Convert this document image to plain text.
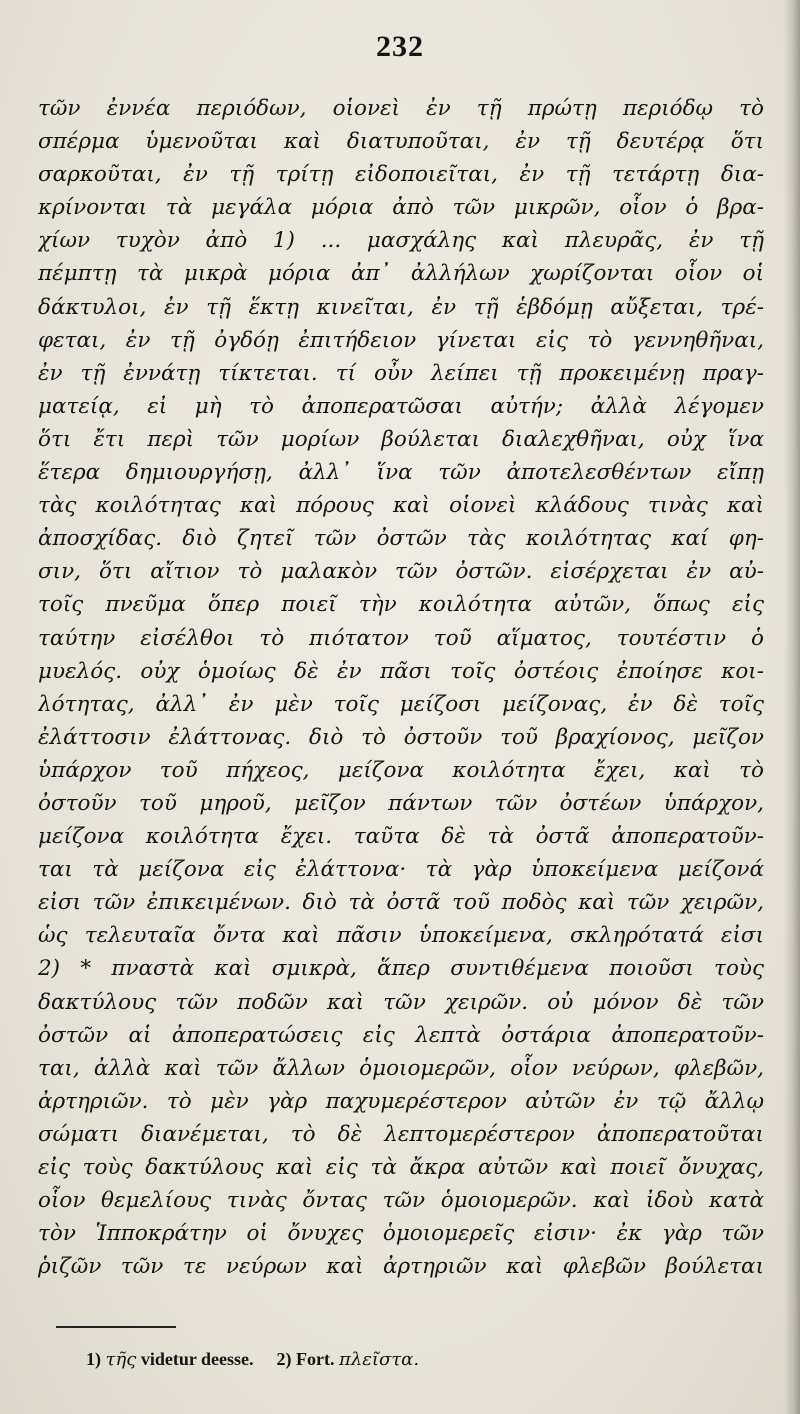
232
τῶν ἐννέα περιόδων, οἱονεὶ ἐν τῇ πρώτῃ περιόδῳ τὸ
σπέρμα ὑμενοῦται καὶ διατυποῦται, ἐν τῇ δευτέρᾳ ὅτι
σαρκοῦται, ἐν τῇ τρίτῃ εἰδοποιεῖται, ἐν τῇ τετάρτῃ δια-
κρίνονται τὰ μεγάλα μόρια ἀπὸ τῶν μικρῶν, οἷον ὁ βρα-
χίων τυχὸν ἀπὸ 1) ... μασχάλης καὶ πλευρᾶς, ἐν τῇ
πέμπτῃ τὰ μικρὰ μόρια ἀπ᾽ ἀλλήλων χωρίζονται οἷον οἱ
δάκτυλοι, ἐν τῇ ἕκτῃ κινεῖται, ἐν τῇ ἑβδόμῃ αὔξεται, τρέ-
φεται, ἐν τῇ ὀγδόῃ ἐπιτήδειον γίνεται εἰς τὸ γεννηθῆναι,
ἐν τῇ ἐννάτῃ τίκτεται. τί οὖν λείπει τῇ προκειμένῃ πραγ-
ματείᾳ, εἰ μὴ τὸ ἀποπερατῶσαι αὐτήν; ἀλλὰ λέγομεν
ὅτι ἔτι περὶ τῶν μορίων βούλεται διαλεχθῆναι, οὐχ ἵνα
ἕτερα δημιουργήσῃ, ἀλλ᾽ ἵνα τῶν ἀποτελεσθέντων εἴπῃ
τὰς κοιλότητας καὶ πόρους καὶ οἱονεὶ κλάδους τινὰς καὶ
ἀποσχίδας. διὸ ζητεῖ τῶν ὀστῶν τὰς κοιλότητας καί φη-
σιν, ὅτι αἴτιον τὸ μαλακὸν τῶν ὀστῶν. εἰσέρχεται ἐν αὐ-
τοῖς πνεῦμα ὅπερ ποιεῖ τὴν κοιλότητα αὐτῶν, ὅπως εἰς
ταύτην εἰσέλθοι τὸ πιότατον τοῦ αἵματος, τουτέστιν ὁ
μυελός. οὐχ ὁμοίως δὲ ἐν πᾶσι τοῖς ὀστέοις ἐποίησε κοι-
λότητας, ἀλλ᾽ ἐν μὲν τοῖς μείζοσι μείζονας, ἐν δὲ τοῖς
ἐλάττοσιν ἐλάττονας. διὸ τὸ ὀστοῦν τοῦ βραχίονος, μεῖζον
ὑπάρχον τοῦ πήχεος, μείζονα κοιλότητα ἔχει, καὶ τὸ
ὀστοῦν τοῦ μηροῦ, μεῖζον πάντων τῶν ὀστέων ὑπάρχον,
μείζονα κοιλότητα ἔχει. ταῦτα δὲ τὰ ὀστᾶ ἀποπερατοῦν-
ται τὰ μείζονα εἰς ἐλάττονα· τὰ γὰρ ὑποκείμενα μείζονά
εἰσι τῶν ἐπικειμένων. διὸ τὰ ὀστᾶ τοῦ ποδὸς καὶ τῶν χειρῶν,
ὡς τελευταῖα ὄντα καὶ πᾶσιν ὑποκείμενα, σκληρότατά εἰσι
2) * πναστὰ καὶ σμικρὰ, ἅπερ συντιθέμενα ποιοῦσι τοὺς
δακτύλους τῶν ποδῶν καὶ τῶν χειρῶν. οὐ μόνον δὲ τῶν
ὀστῶν αἱ ἀποπερατώσεις εἰς λεπτὰ ὀστάρια ἀποπερατοῦν-
ται, ἀλλὰ καὶ τῶν ἄλλων ὁμοιομερῶν, οἷον νεύρων, φλεβῶν,
ἀρτηριῶν. τὸ μὲν γὰρ παχυμερέστερον αὐτῶν ἐν τῷ ἄλλῳ
σώματι διανέμεται, τὸ δὲ λεπτομερέστερον ἀποπερατοῦται
εἰς τοὺς δακτύλους καὶ εἰς τὰ ἄκρα αὐτῶν καὶ ποιεῖ ὄνυχας,
οἷον θεμελίους τινὰς ὄντας τῶν ὁμοιομερῶν. καὶ ἰδοὺ κατὰ
τὸν Ἱπποκράτην οἱ ὄνυχες ὁμοιομερεῖς εἰσιν· ἐκ γὰρ τῶν
ῥιζῶν τῶν τε νεύρων καὶ ἀρτηριῶν καὶ φλεβῶν βούλεται
1) τῆς videtur deesse. 2) Fort. πλεῖστα.
